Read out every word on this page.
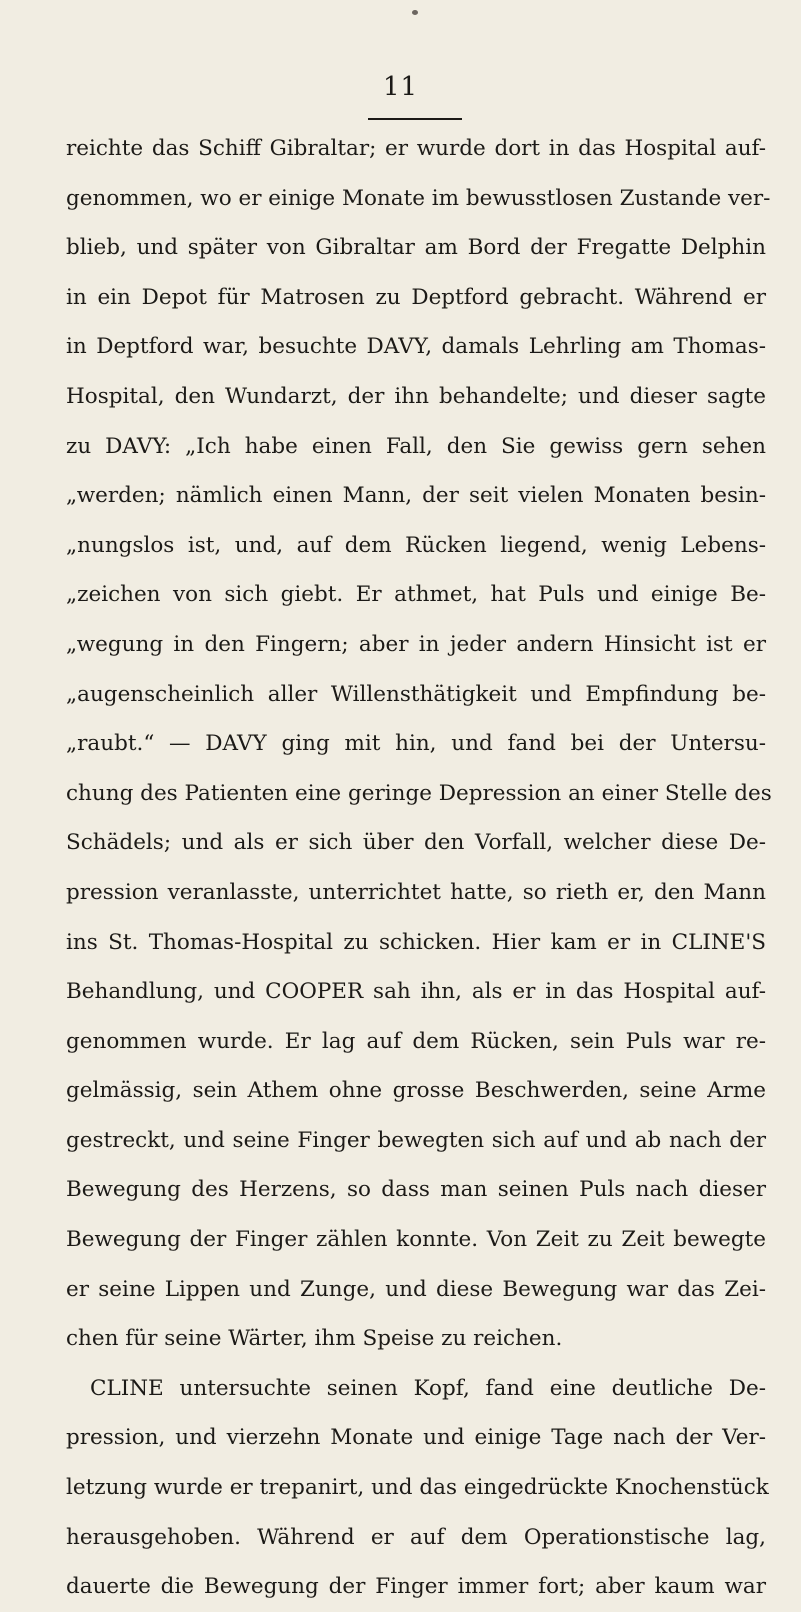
11
reichte das Schiff Gibraltar; er wurde dort in das Hospital auf-
genommen, wo er einige Monate im bewusstlosen Zustande ver-
blieb, und später von Gibraltar am Bord der Fregatte Delphin
in ein Depot für Matrosen zu Deptford gebracht. Während er
in Deptford war, besuchte DAVY, damals Lehrling am Thomas-
Hospital, den Wundarzt, der ihn behandelte; und dieser sagte
zu DAVY: „Ich habe einen Fall, den Sie gewiss gern sehen
„werden; nämlich einen Mann, der seit vielen Monaten besin-
„nungslos ist, und, auf dem Rücken liegend, wenig Lebens-
„zeichen von sich giebt. Er athmet, hat Puls und einige Be-
„wegung in den Fingern; aber in jeder andern Hinsicht ist er
„augenscheinlich aller Willensthätigkeit und Empfindung be-
„raubt.“ — DAVY ging mit hin, und fand bei der Untersu-
chung des Patienten eine geringe Depression an einer Stelle des
Schädels; und als er sich über den Vorfall, welcher diese De-
pression veranlasste, unterrichtet hatte, so rieth er, den Mann
ins St. Thomas-Hospital zu schicken. Hier kam er in CLINE'S
Behandlung, und COOPER sah ihn, als er in das Hospital auf-
genommen wurde. Er lag auf dem Rücken, sein Puls war re-
gelmässig, sein Athem ohne grosse Beschwerden, seine Arme
gestreckt, und seine Finger bewegten sich auf und ab nach der
Bewegung des Herzens, so dass man seinen Puls nach dieser
Bewegung der Finger zählen konnte. Von Zeit zu Zeit bewegte
er seine Lippen und Zunge, und diese Bewegung war das Zei-
chen für seine Wärter, ihm Speise zu reichen.
CLINE untersuchte seinen Kopf, fand eine deutliche De-
pression, und vierzehn Monate und einige Tage nach der Ver-
letzung wurde er trepanirt, und das eingedrückte Knochenstück
herausgehoben. Während er auf dem Operationstische lag,
dauerte die Bewegung der Finger immer fort; aber kaum war
